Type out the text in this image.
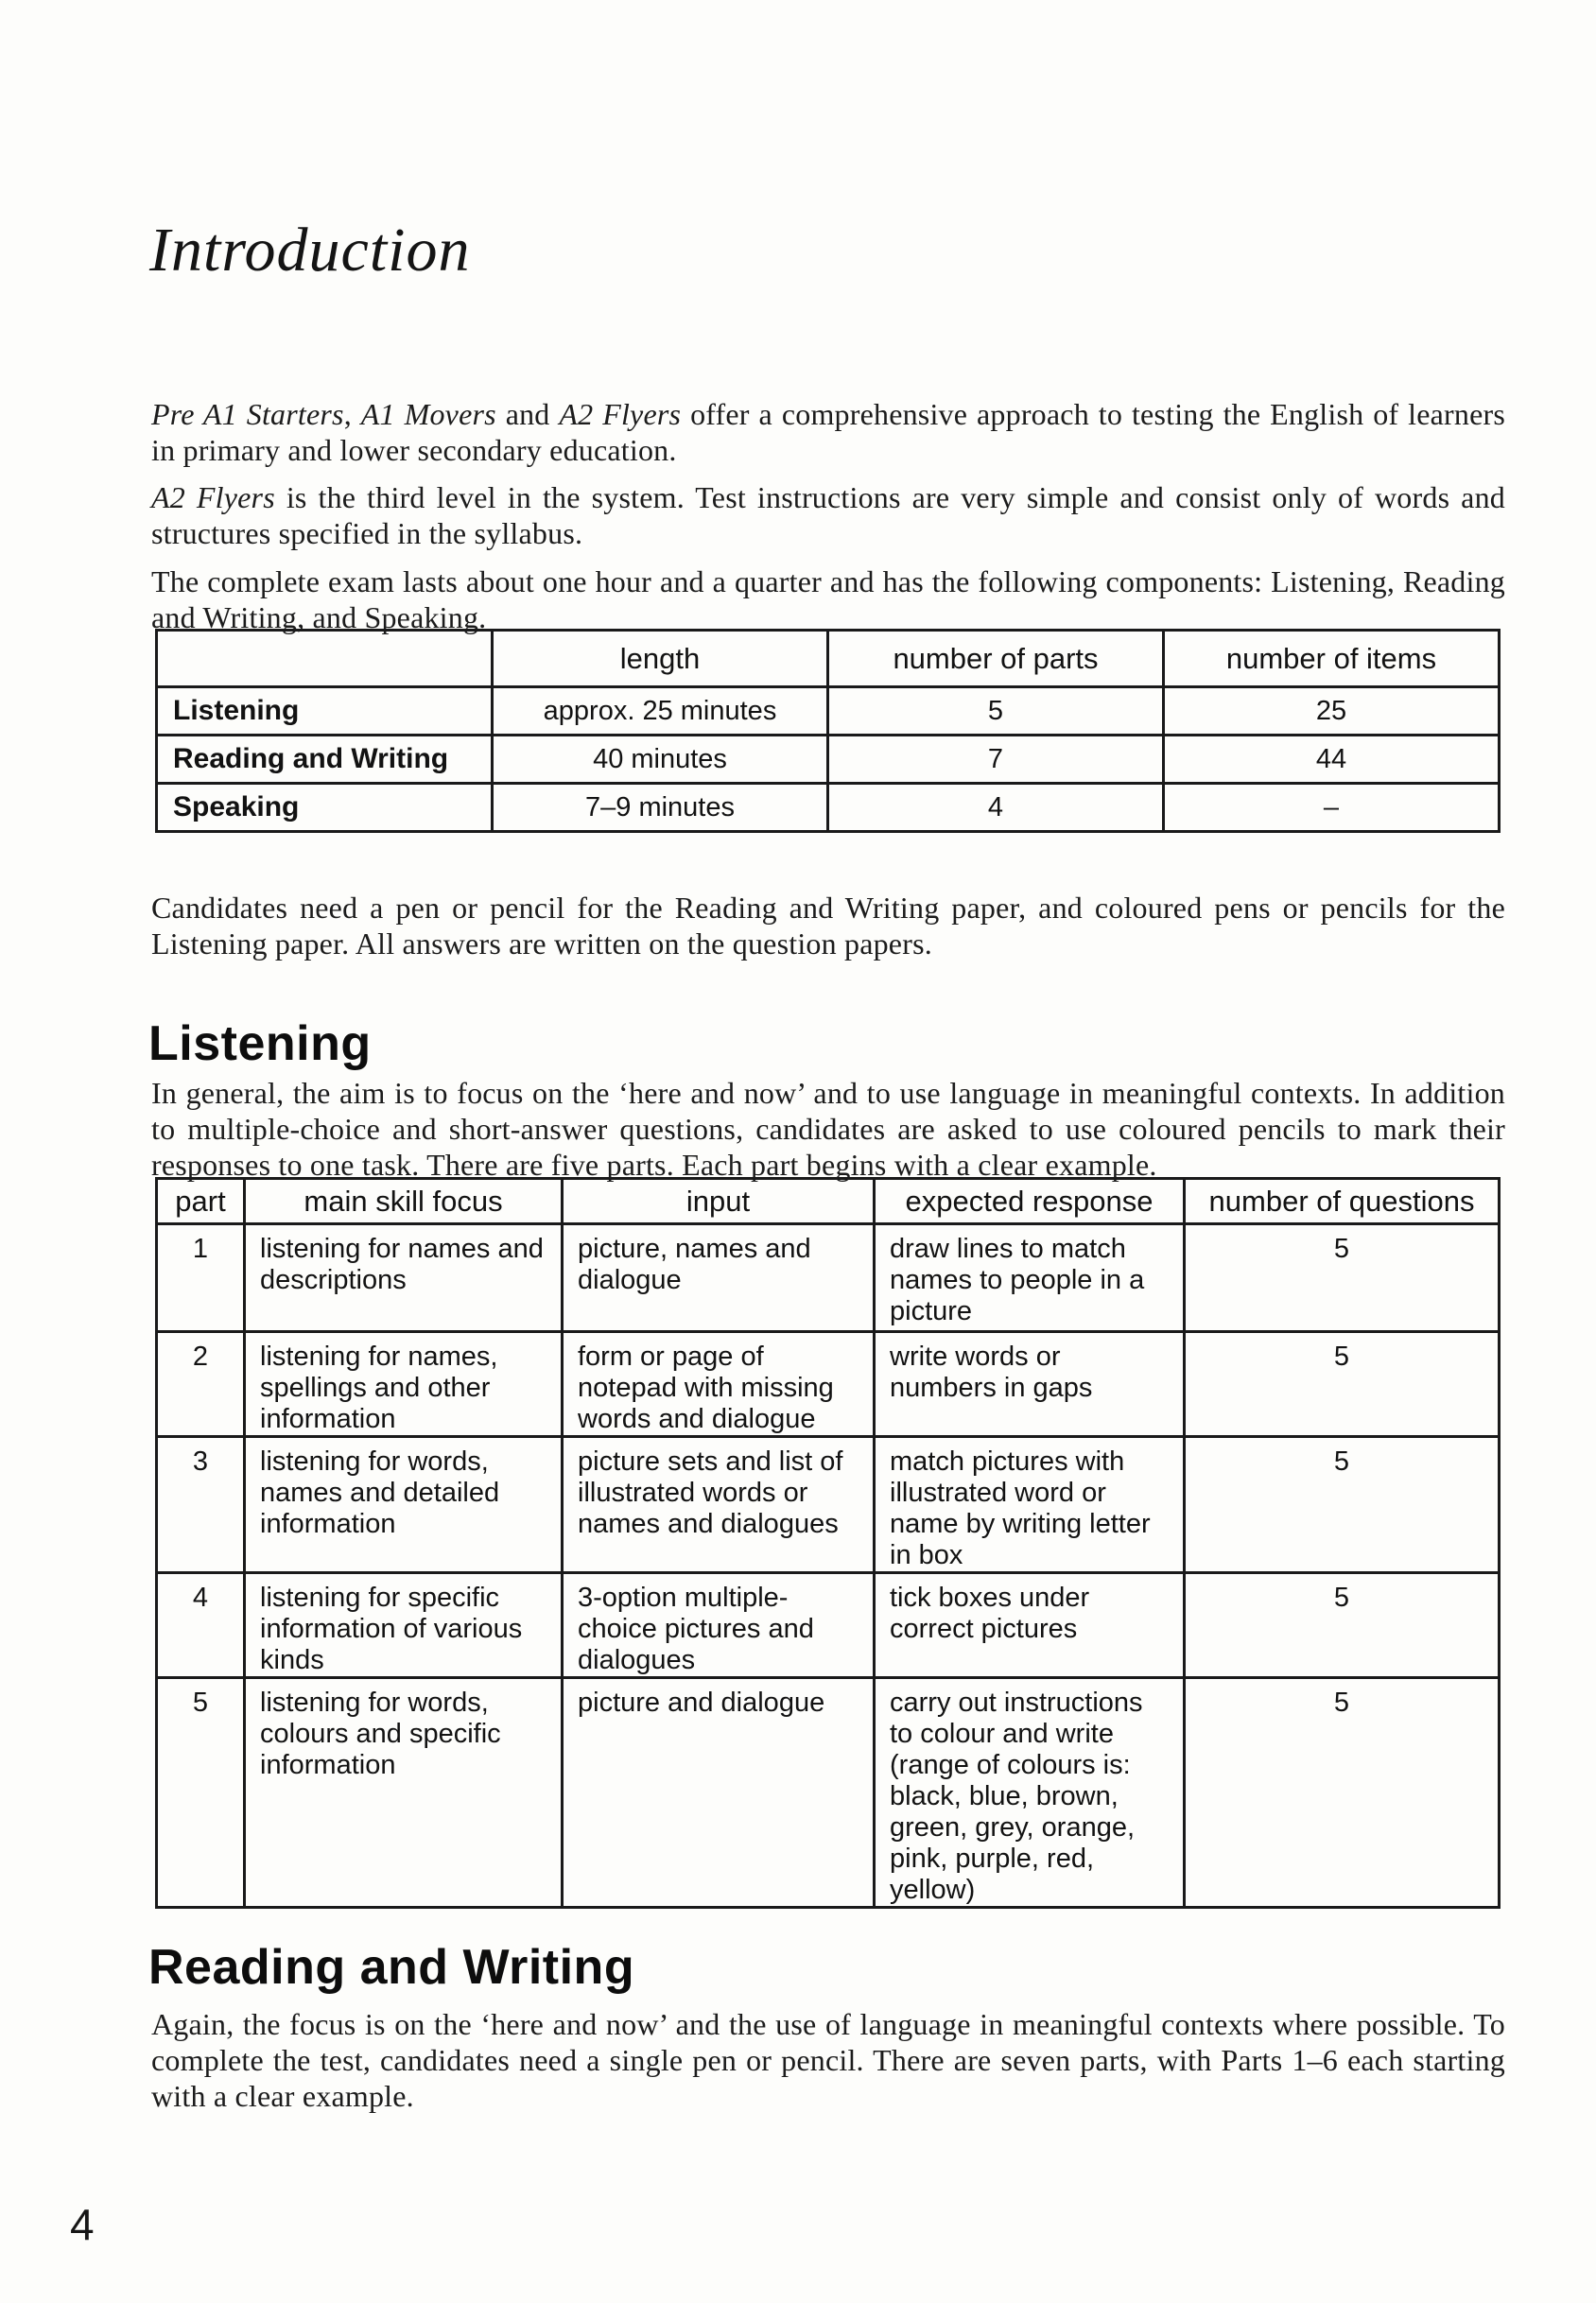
Introduction

Pre A1 Starters, A1 Movers and A2 Flyers offer a comprehensive approach to testing the English of learners in primary and lower secondary education.

A2 Flyers is the third level in the system. Test instructions are very simple and consist only of words and structures specified in the syllabus.

The complete exam lasts about one hour and a quarter and has the following components: Listening, Reading and Writing, and Speaking.

	length	number of parts	number of items
Listening	approx. 25 minutes	5	25
Reading and Writing	40 minutes	7	44
Speaking	7–9 minutes	4	–

Candidates need a pen or pencil for the Reading and Writing paper, and coloured pens or pencils for the Listening paper. All answers are written on the question papers.

Listening

In general, the aim is to focus on the ‘here and now’ and to use language in meaningful contexts. In addition to multiple-choice and short-answer questions, candidates are asked to use coloured pencils to mark their responses to one task. There are five parts. Each part begins with a clear example.

part	main skill focus	input	expected response	number of questions
1	listening for names and descriptions	picture, names and dialogue	draw lines to match names to people in a picture	5
2	listening for names, spellings and other information	form or page of notepad with missing words and dialogue	write words or numbers in gaps	5
3	listening for words, names and detailed information	picture sets and list of illustrated words or names and dialogues	match pictures with illustrated word or name by writing letter in box	5
4	listening for specific information of various kinds	3-option multiple-choice pictures and dialogues	tick boxes under correct pictures	5
5	listening for words, colours and specific information	picture and dialogue	carry out instructions to colour and write (range of colours is: black, blue, brown, green, grey, orange, pink, purple, red, yellow)	5
Reading and Writing

Again, the focus is on the ‘here and now’ and the use of language in meaningful contexts where possible. To complete the test, candidates need a single pen or pencil. There are seven parts, with Parts 1–6 each starting with a clear example.

4
